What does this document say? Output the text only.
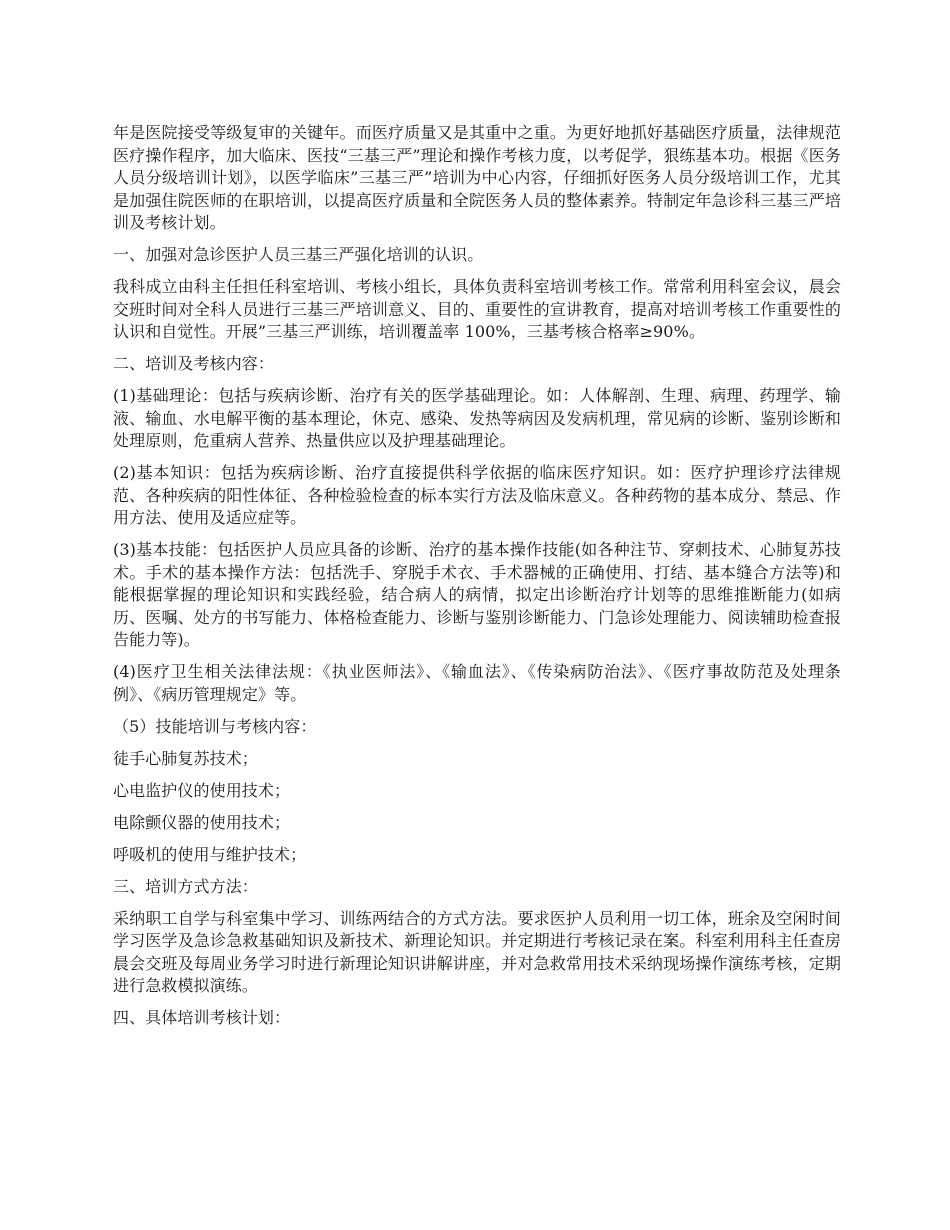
年是医院接受等级复审的关键年。而医疗质量又是其重中之重。为更好地抓好基础医疗质量，法律规范医疗操作程序，加大临床、医技“三基三严”理论和操作考核力度，以考促学，狠练基本功。根据《医务人员分级培训计划》，以医学临床”三基三严”培训为中心内容，仔细抓好医务人员分级培训工作，尤其是加强住院医师的在职培训，以提高医疗质量和全院医务人员的整体素养。特制定年急诊科三基三严培训及考核计划。

一、加强对急诊医护人员三基三严强化培训的认识。

我科成立由科主任担任科室培训、考核小组长，具体负责科室培训考核工作。常常利用科室会议，晨会交班时间对全科人员进行三基三严培训意义、目的、重要性的宣讲教育，提高对培训考核工作重要性的认识和自觉性。开展”三基三严训练，培训覆盖率 100%，三基考核合格率≥90%。

二、培训及考核内容：

(1)基础理论：包括与疾病诊断、治疗有关的医学基础理论。如：人体解剖、生理、病理、药理学、输液、输血、水电解平衡的基本理论，休克、感染、发热等病因及发病机理，常见病的诊断、鉴别诊断和处理原则，危重病人营养、热量供应以及护理基础理论。

(2)基本知识：包括为疾病诊断、治疗直接提供科学依据的临床医疗知识。如：医疗护理诊疗法律规范、各种疾病的阳性体征、各种检验检查的标本实行方法及临床意义。各种药物的基本成分、禁忌、作用方法、使用及适应症等。

(3)基本技能：包括医护人员应具备的诊断、治疗的基本操作技能(如各种注节、穿刺技术、心肺复苏技术。手术的基本操作方法：包括洗手、穿脱手术衣、手术器械的正确使用、打结、基本缝合方法等)和能根据掌握的理论知识和实践经验，结合病人的病情，拟定出诊断治疗计划等的思维推断能力(如病历、医嘱、处方的书写能力、体格检查能力、诊断与鉴别诊断能力、门急诊处理能力、阅读辅助检查报告能力等)。

(4)医疗卫生相关法律法规：《执业医师法》、《输血法》、《传染病防治法》、《医疗事故防范及处理条例》、《病历管理规定》等。

（5）技能培训与考核内容：

徒手心肺复苏技术；

心电监护仪的使用技术；

电除颤仪器的使用技术；

呼吸机的使用与维护技术；

三、培训方式方法：

采纳职工自学与科室集中学习、训练两结合的方式方法。要求医护人员利用一切工体，班余及空闲时间学习医学及急诊急救基础知识及新技术、新理论知识。并定期进行考核记录在案。科室利用科主任查房晨会交班及每周业务学习时进行新理论知识讲解讲座，并对急救常用技术采纳现场操作演练考核，定期进行急救模拟演练。

四、具体培训考核计划：
